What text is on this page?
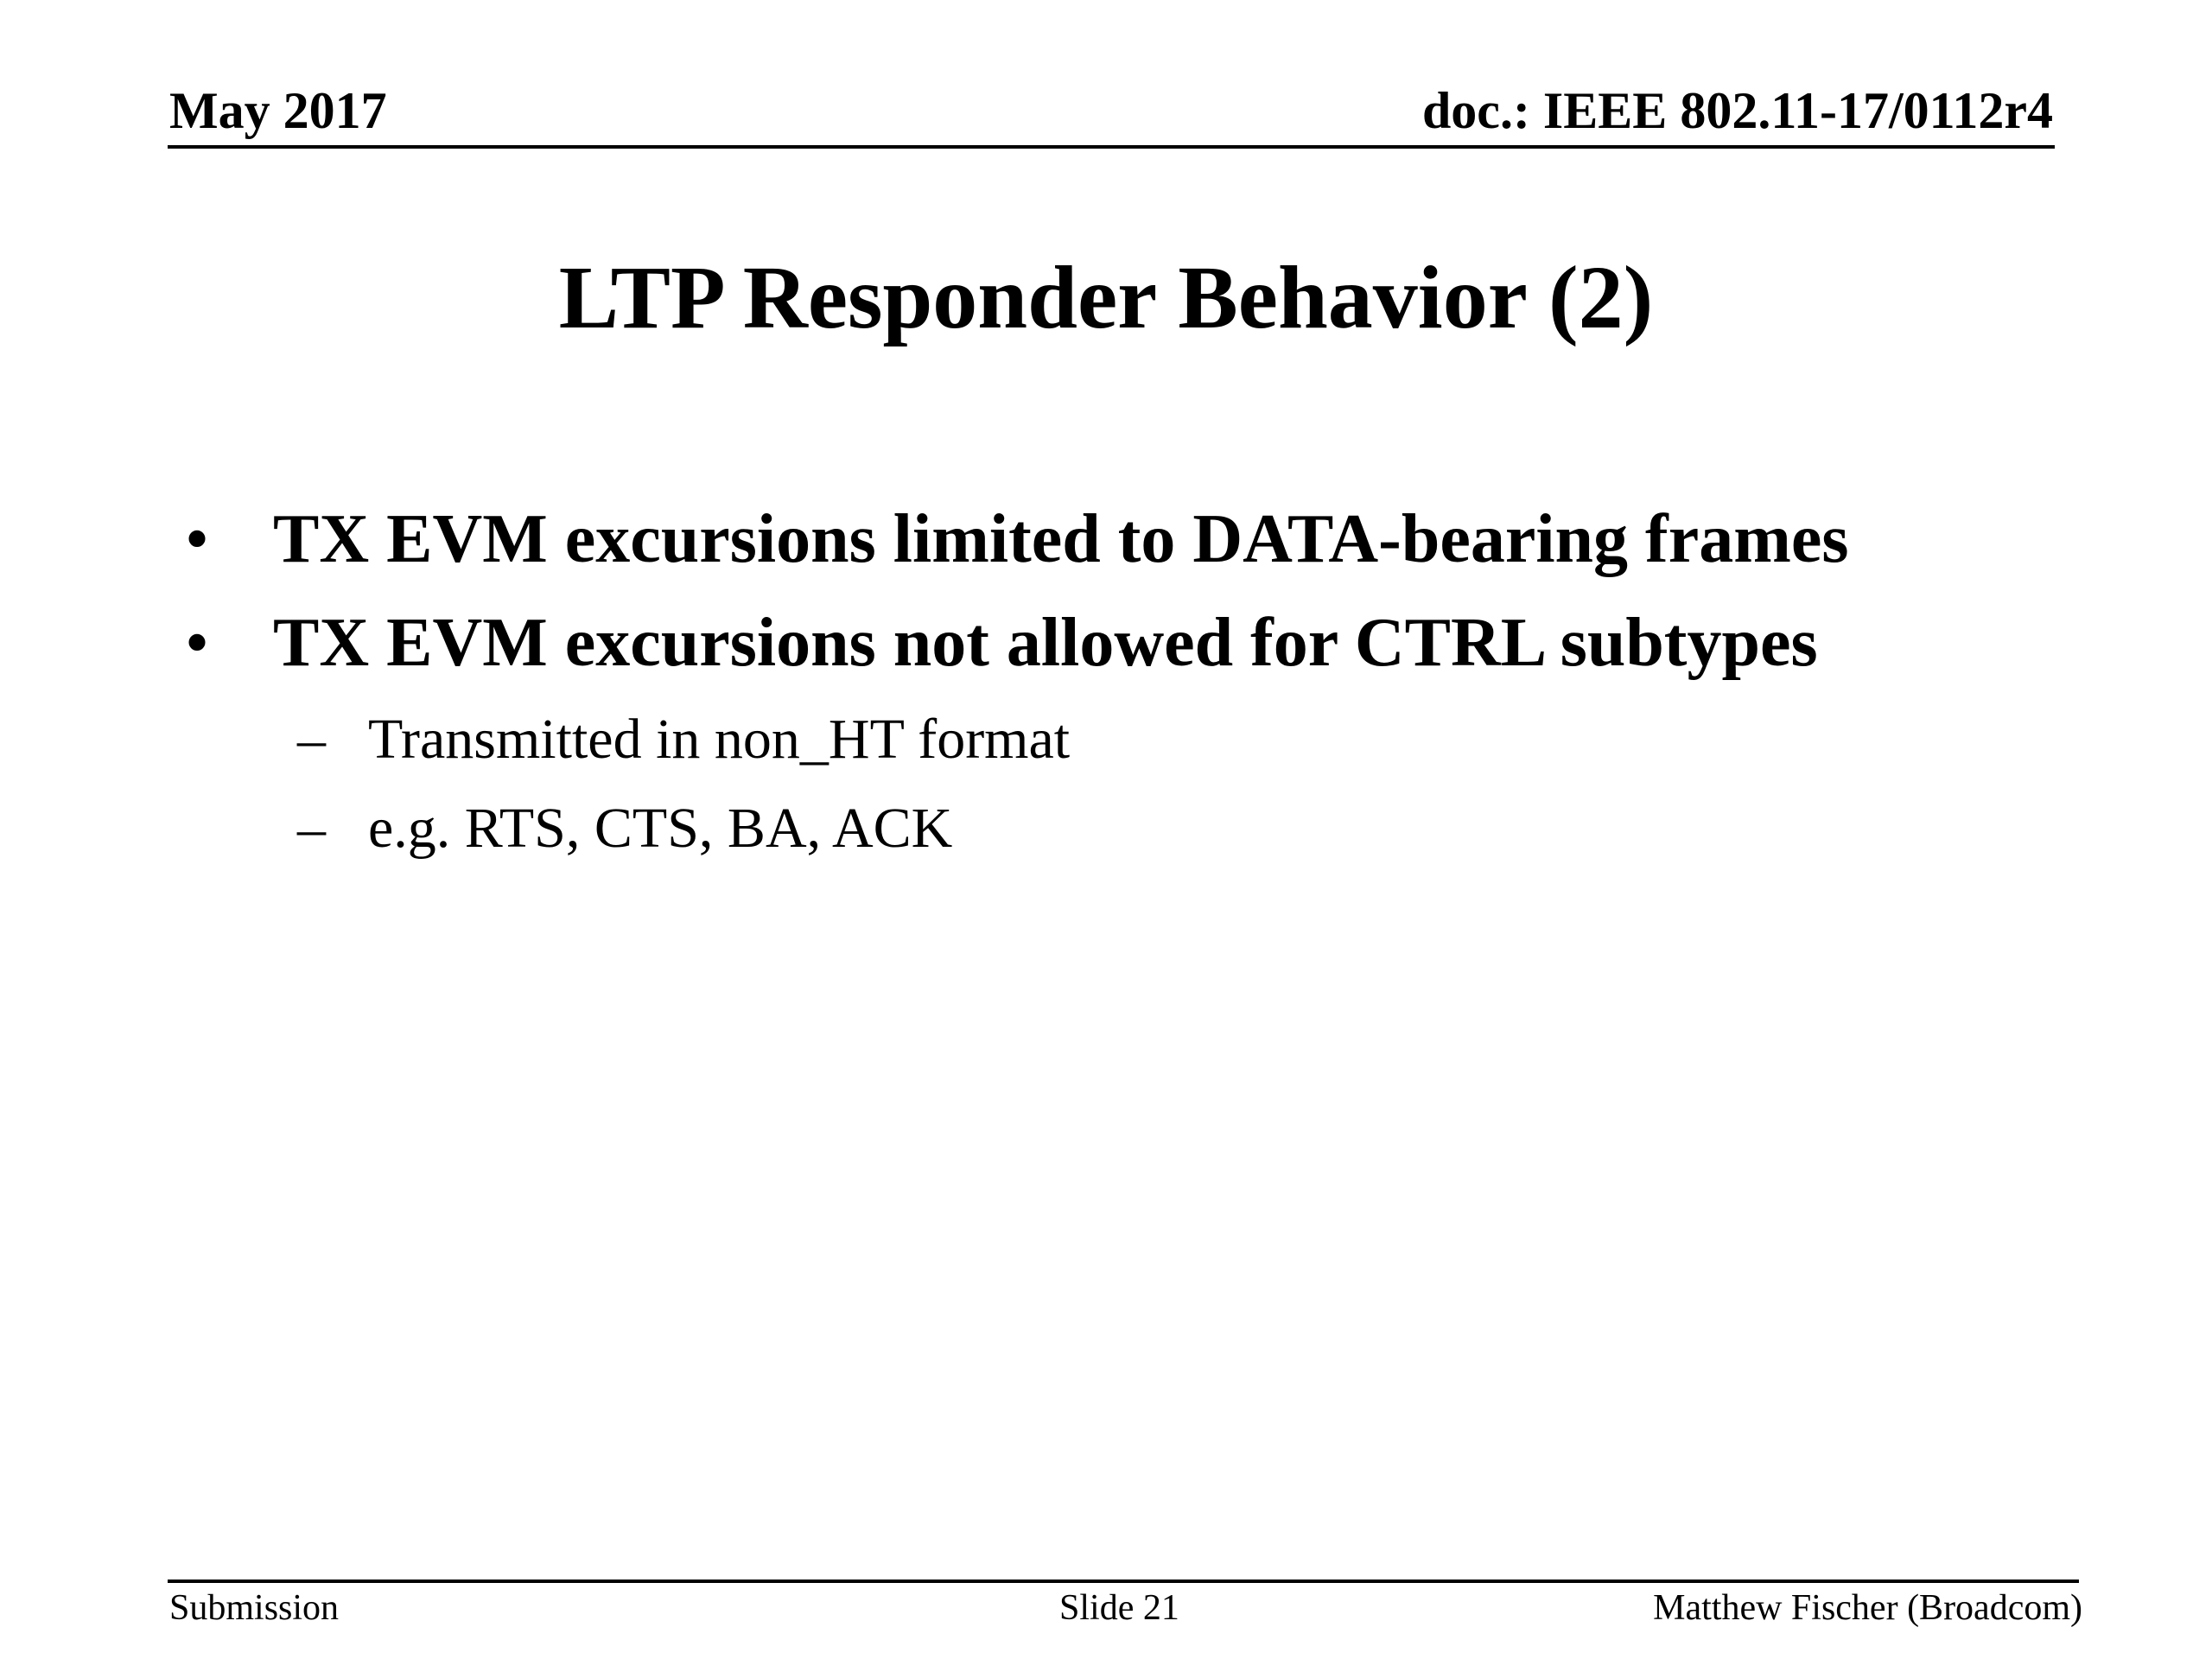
May 2017	doc.: IEEE 802.11-17/0112r4
LTP Responder Behavior (2)
• TX EVM excursions limited to DATA-bearing frames
• TX EVM excursions not allowed for CTRL subtypes
– Transmitted in non_HT format
– e.g. RTS, CTS, BA, ACK
Submission	Slide 21	Matthew Fischer (Broadcom)
